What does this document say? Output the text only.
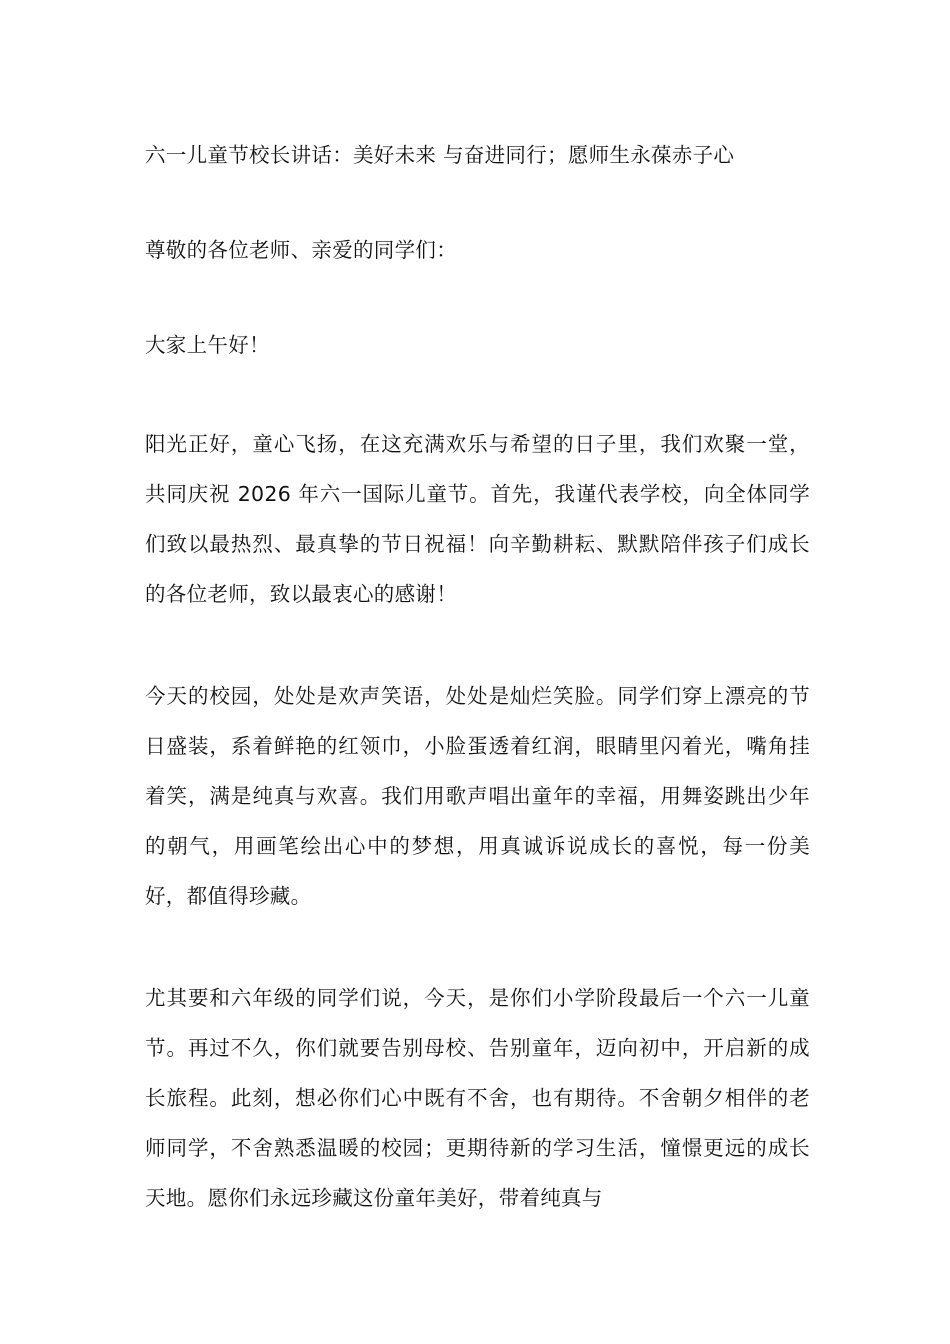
六一儿童节校长讲话：美好未来 与奋进同行；愿师生永葆赤子心

尊敬的各位老师、亲爱的同学们：

大家上午好！

阳光正好，童心飞扬，在这充满欢乐与希望的日子里，我们欢聚一堂，共同庆祝 2026 年六一国际儿童节。首先，我谨代表学校，向全体同学们致以最热烈、最真挚的节日祝福！向辛勤耕耘、默默陪伴孩子们成长的各位老师，致以最衷心的感谢！

今天的校园，处处是欢声笑语，处处是灿烂笑脸。同学们穿上漂亮的节日盛装，系着鲜艳的红领巾，小脸蛋透着红润，眼睛里闪着光，嘴角挂着笑，满是纯真与欢喜。我们用歌声唱出童年的幸福，用舞姿跳出少年的朝气，用画笔绘出心中的梦想，用真诚诉说成长的喜悦，每一份美好，都值得珍藏。

尤其要和六年级的同学们说，今天，是你们小学阶段最后一个六一儿童节。再过不久，你们就要告别母校、告别童年，迈向初中，开启新的成长旅程。此刻，想必你们心中既有不舍，也有期待。不舍朝夕相伴的老师同学，不舍熟悉温暖的校园；更期待新的学习生活，憧憬更远的成长天地。愿你们永远珍藏这份童年美好，带着纯真与
